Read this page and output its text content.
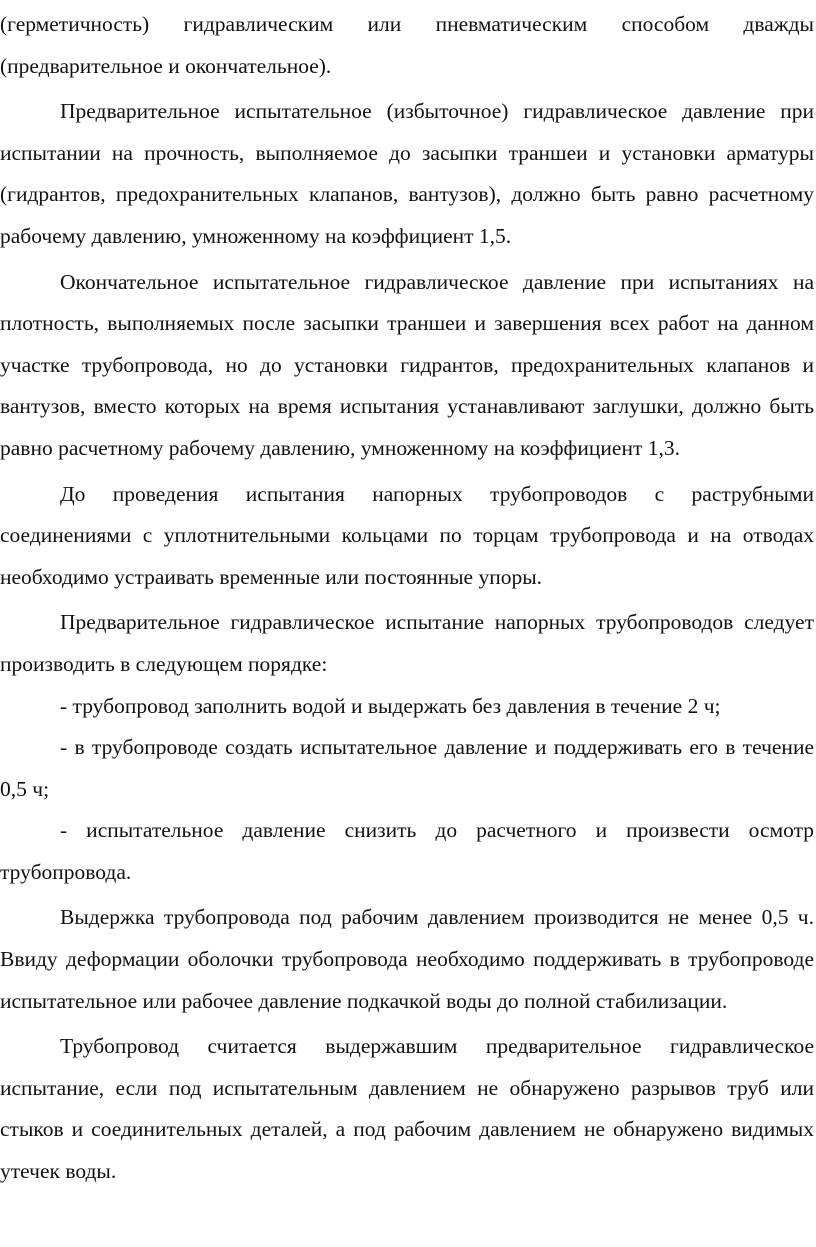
(герметичность) гидравлическим или пневматическим способом дважды (предварительное и окончательное).

Предварительное испытательное (избыточное) гидравлическое давление при испытании на прочность, выполняемое до засыпки траншеи и установки арматуры (гидрантов, предохранительных клапанов, вантузов), должно быть равно расчетному рабочему давлению, умноженному на коэффициент 1,5.

Окончательное испытательное гидравлическое давление при испытаниях на плотность, выполняемых после засыпки траншеи и завершения всех работ на данном участке трубопровода, но до установки гидрантов, предохранительных клапанов и вантузов, вместо которых на время испытания устанавливают заглушки, должно быть равно расчетному рабочему давлению, умноженному на коэффициент 1,3.

До проведения испытания напорных трубопроводов с раструбными соединениями с уплотнительными кольцами по торцам трубопровода и на отводах необходимо устраивать временные или постоянные упоры.

Предварительное гидравлическое испытание напорных трубопроводов следует производить в следующем порядке:

- трубопровод заполнить водой и выдержать без давления в течение 2 ч;

- в трубопроводе создать испытательное давление и поддерживать его в течение 0,5 ч;

- испытательное давление снизить до расчетного и произвести осмотр трубопровода.

Выдержка трубопровода под рабочим давлением производится не менее 0,5 ч. Ввиду деформации оболочки трубопровода необходимо поддерживать в трубопроводе испытательное или рабочее давление подкачкой воды до полной стабилизации.

Трубопровод считается выдержавшим предварительное гидравлическое испытание, если под испытательным давлением не обнаружено разрывов труб или стыков и соединительных деталей, а под рабочим давлением не обнаружено видимых утечек воды.
